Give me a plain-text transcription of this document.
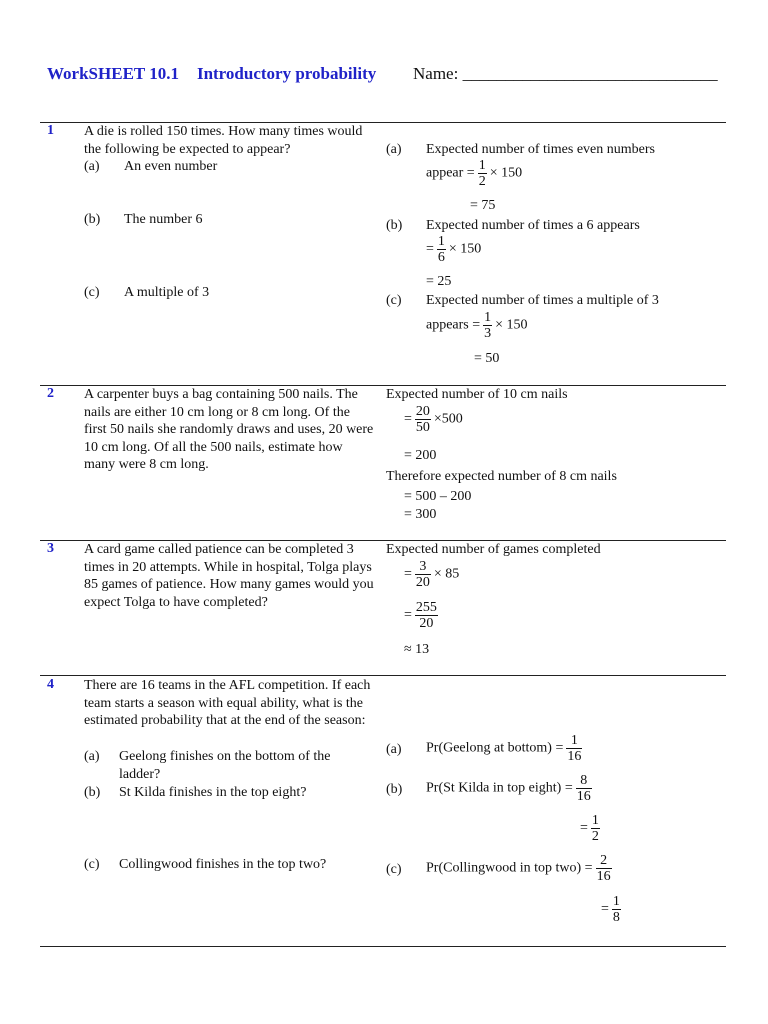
WorkSHEET 10.1 Introductory probability Name: ______________________________
1 A die is rolled 150 times. How many times would the following be expected to appear?
(a) An even number
(b) The number 6
(c) A multiple of 3
(a) Expected number of times even numbers
appear = $\frac{1}{2} \times 150$
= 75
(b) Expected number of times a 6 appears
= $\frac{1}{6} \times 150$
= 25
(c) Expected number of times a multiple of 3
appears = $\frac{1}{3} \times 150$
= 50
2 A carpenter buys a bag containing 500 nails. The nails are either 10 cm long or 8 cm long. Of the first 50 nails she randomly draws and uses, 20 were 10 cm long. Of all the 500 nails, estimate how many were 8 cm long.
Expected number of 10 cm nails
= $\frac{20}{50} \times 500$
= 200
Therefore expected number of 8 cm nails
= 500 – 200
= 300
3 A card game called patience can be completed 3 times in 20 attempts. While in hospital, Tolga plays 85 games of patience. How many games would you expect Tolga to have completed?
Expected number of games completed
= $\frac{3}{20} \times 85$
= $\frac{255}{20}$
≈ 13
4 There are 16 teams in the AFL competition. If each team starts a season with equal ability, what is the estimated probability that at the end of the season:
(a) Geelong finishes on the bottom of the ladder?
(b) St Kilda finishes in the top eight?
(c) Collingwood finishes in the top two?
(a) Pr(Geelong at bottom) = $\frac{1}{16}$
(b) Pr(St Kilda in top eight) = $\frac{8}{16}$
= $\frac{1}{2}$
(c) Pr(Collingwood in top $two) = \frac{2}{16}$
= $\frac{1}{8}$
